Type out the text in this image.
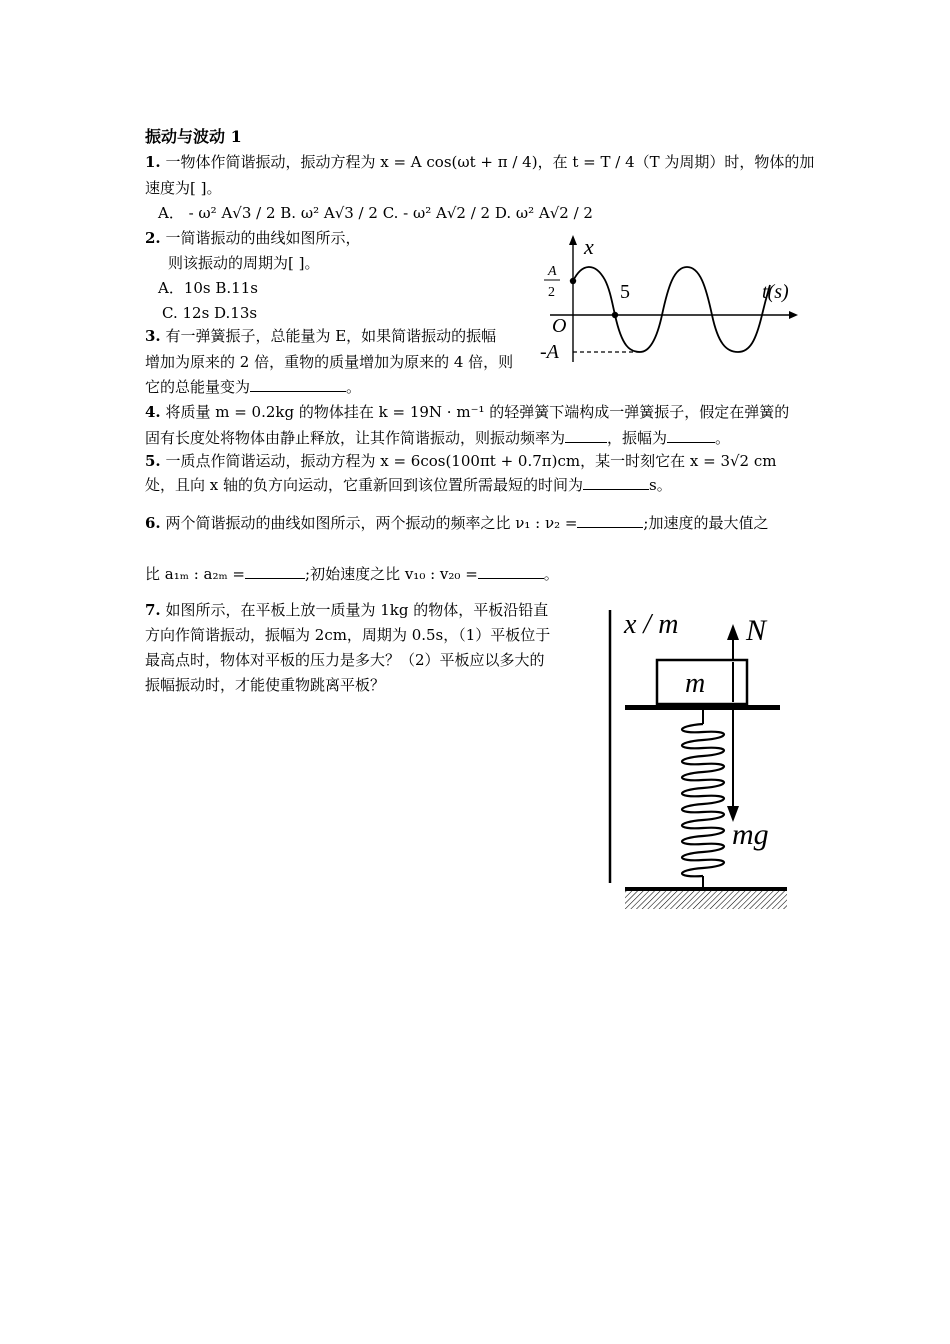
振动与波动 1
1. 一物体作简谐振动，振动方程为 x = A cos(ωt + π / 4)，在 t = T / 4（T 为周期）时，物体的加
速度为[ ]。
A． - ω² A√3 / 2 B. ω² A√3 / 2 C. - ω² A√2 / 2 D. ω² A√2 / 2
2. 一简谐振动的曲线如图所示，
则该振动的周期为[ ]。
A．10s B.11s
C. 12s D.13s
x
A
2	5	t(s)
O
-A
3. 有一弹簧振子，总能量为 E，如果简谐振动的振幅
增加为原来的 2 倍，重物的质量增加为原来的 4 倍，则
它的总能量变为	。
4. 将质量 m = 0.2kg 的物体挂在 k = 19N · m⁻¹ 的轻弹簧下端构成一弹簧振子，假定在弹簧的
固有长度处将物体由静止释放，让其作简谐振动，则振动频率为	，振幅为	。
5. 一质点作简谐运动，振动方程为 x = 6cos(100πt + 0.7π)cm，某一时刻它在 x = 3√2 cm
处，且向 x 轴的负方向运动，它重新回到该位置所需最短的时间为	s。
6. 两个简谐振动的曲线如图所示，两个振动的频率之比 ν₁ : ν₂ =	;加速度的最大值之
比 a₁ₘ : a₂ₘ =	;初始速度之比 v₁₀ : v₂₀ =	。
7. 如图所示，在平板上放一质量为 1kg 的物体，平板沿铅直
方向作简谐振动，振幅为 2cm，周期为 0.5s，（1）平板位于
最高点时，物体对平板的压力是多大？（2）平板应以多大的
振幅振动时，才能使重物跳离平板？
x / m N
m
mg
